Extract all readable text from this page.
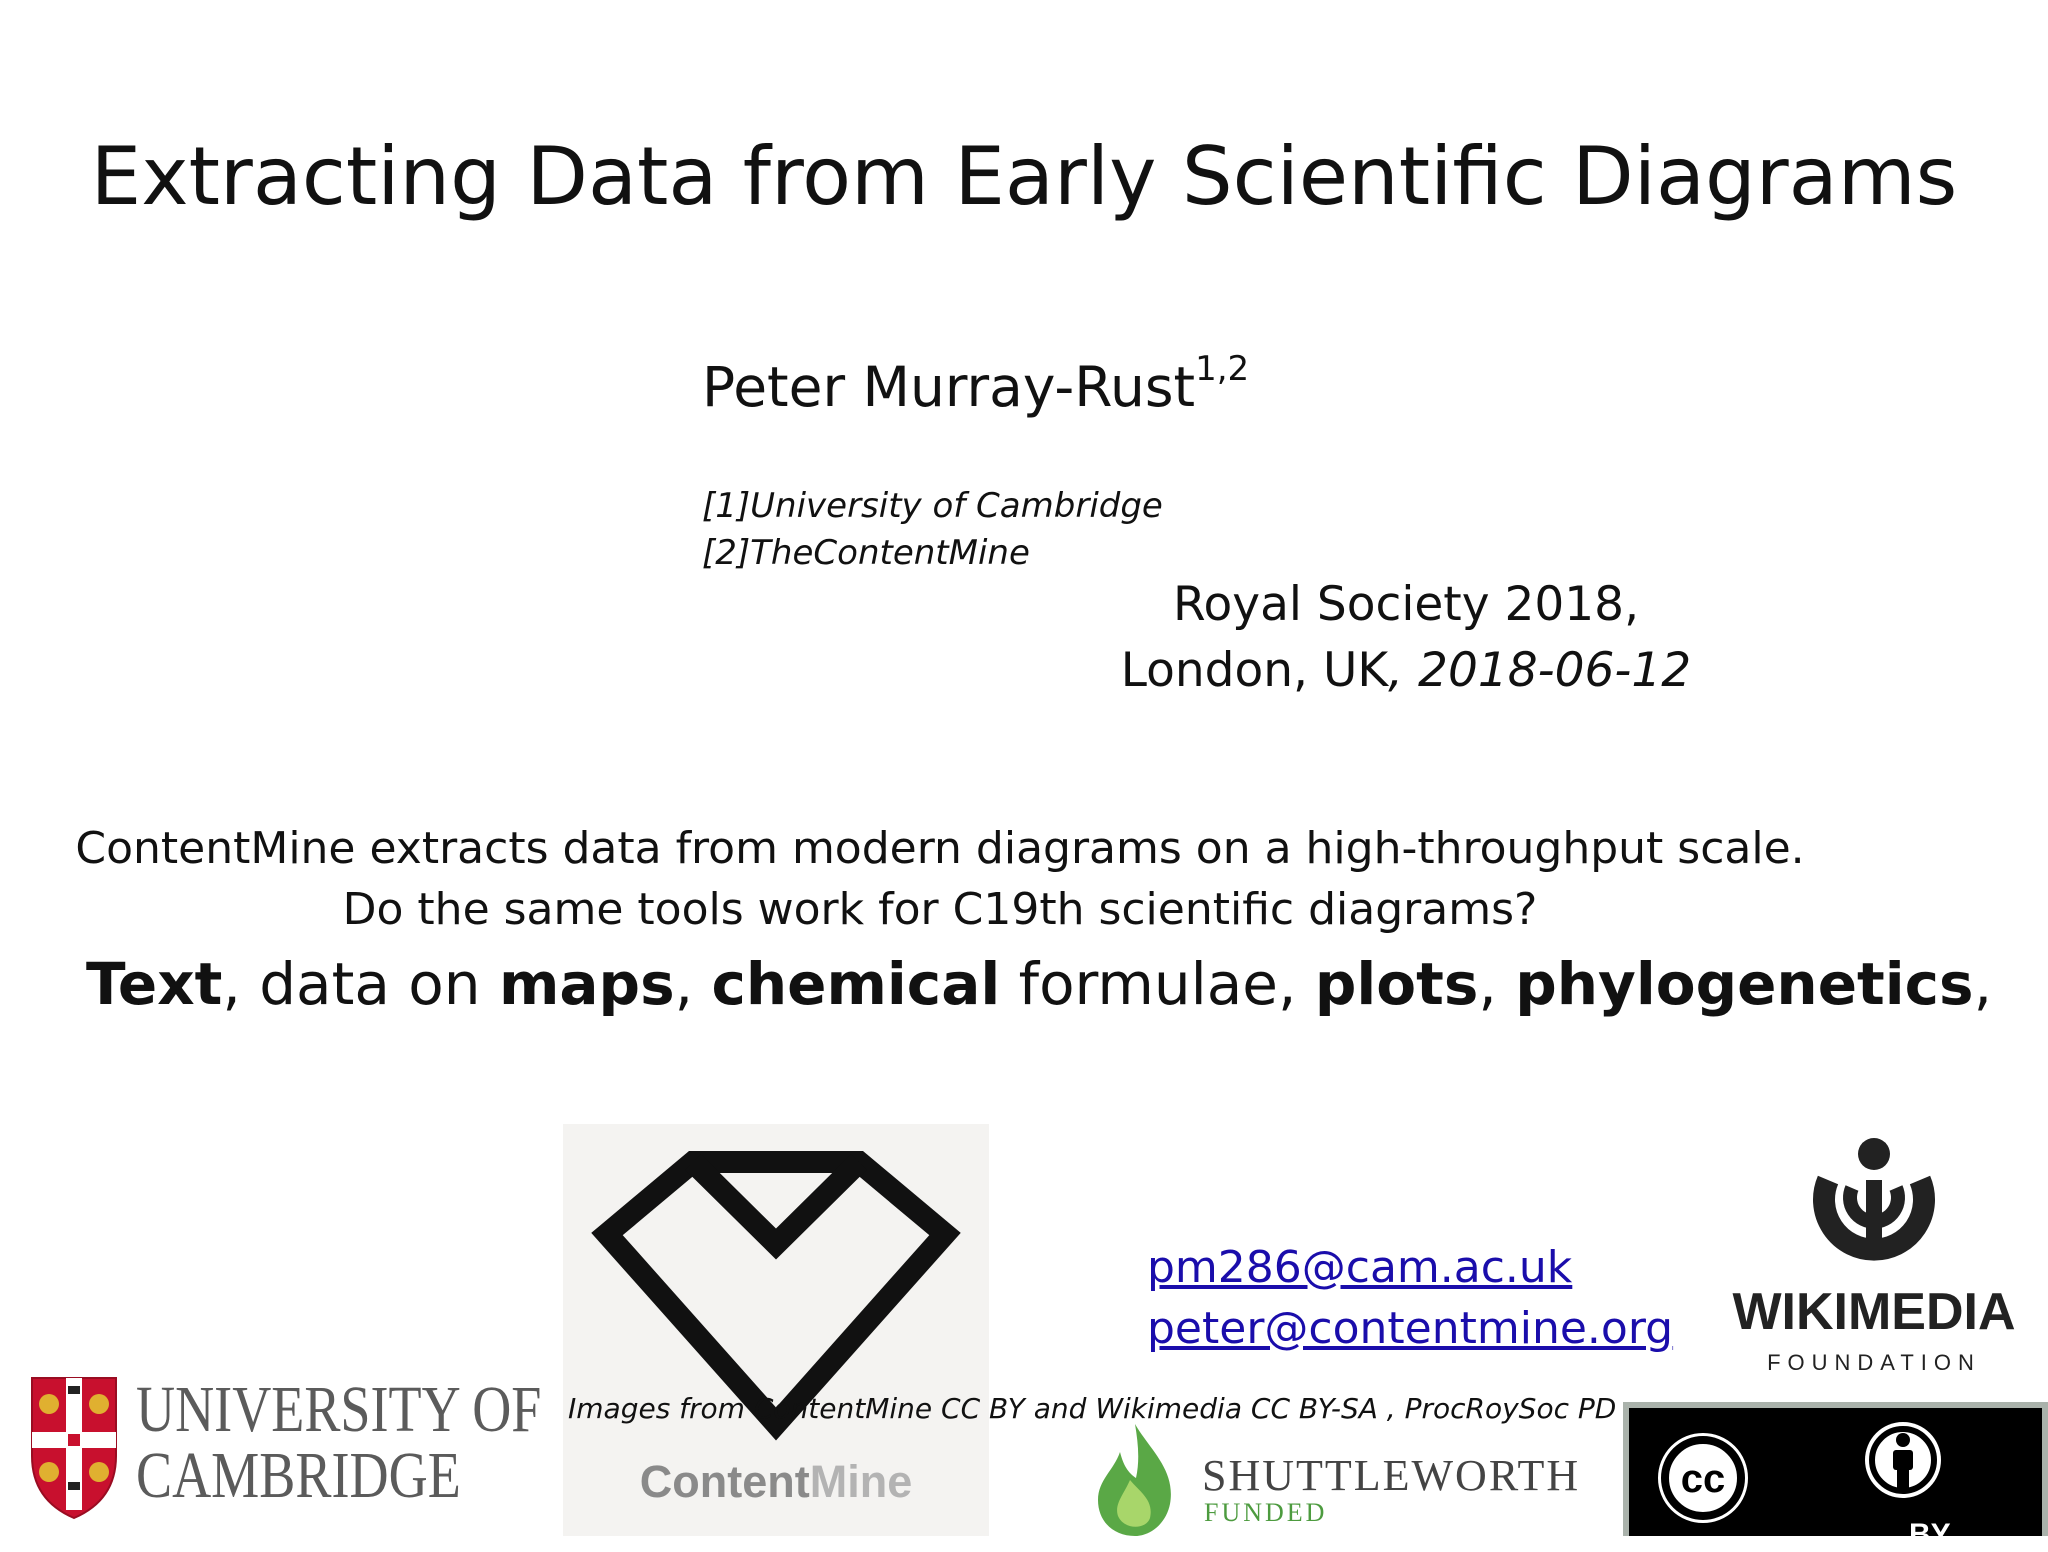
Extracting Data from Early Scientific Diagrams
Peter Murray-Rust$^{1,2}$
[1]University of Cambridge
[2]TheContentMine
Royal Society 2018,
London, UK, 2018-06-12
ContentMine extracts data from modern diagrams on a high-throughput scale.
Do the same tools work for C19th scientific diagrams?
Text, data on maps, chemical formulae, plots, phylogenetics,
ContentMine
pm286@cam.ac.uk
peter@contentmine.org
Images from ContentMine CC BY and Wikimedia CC BY-SA , ProcRoySoc PD
UNIVERSITY OF
CAMBRIDGE	SHUTTLEWORTH
FUNDED
WIKIMEDIA
FOUNDATION
cc
BY
